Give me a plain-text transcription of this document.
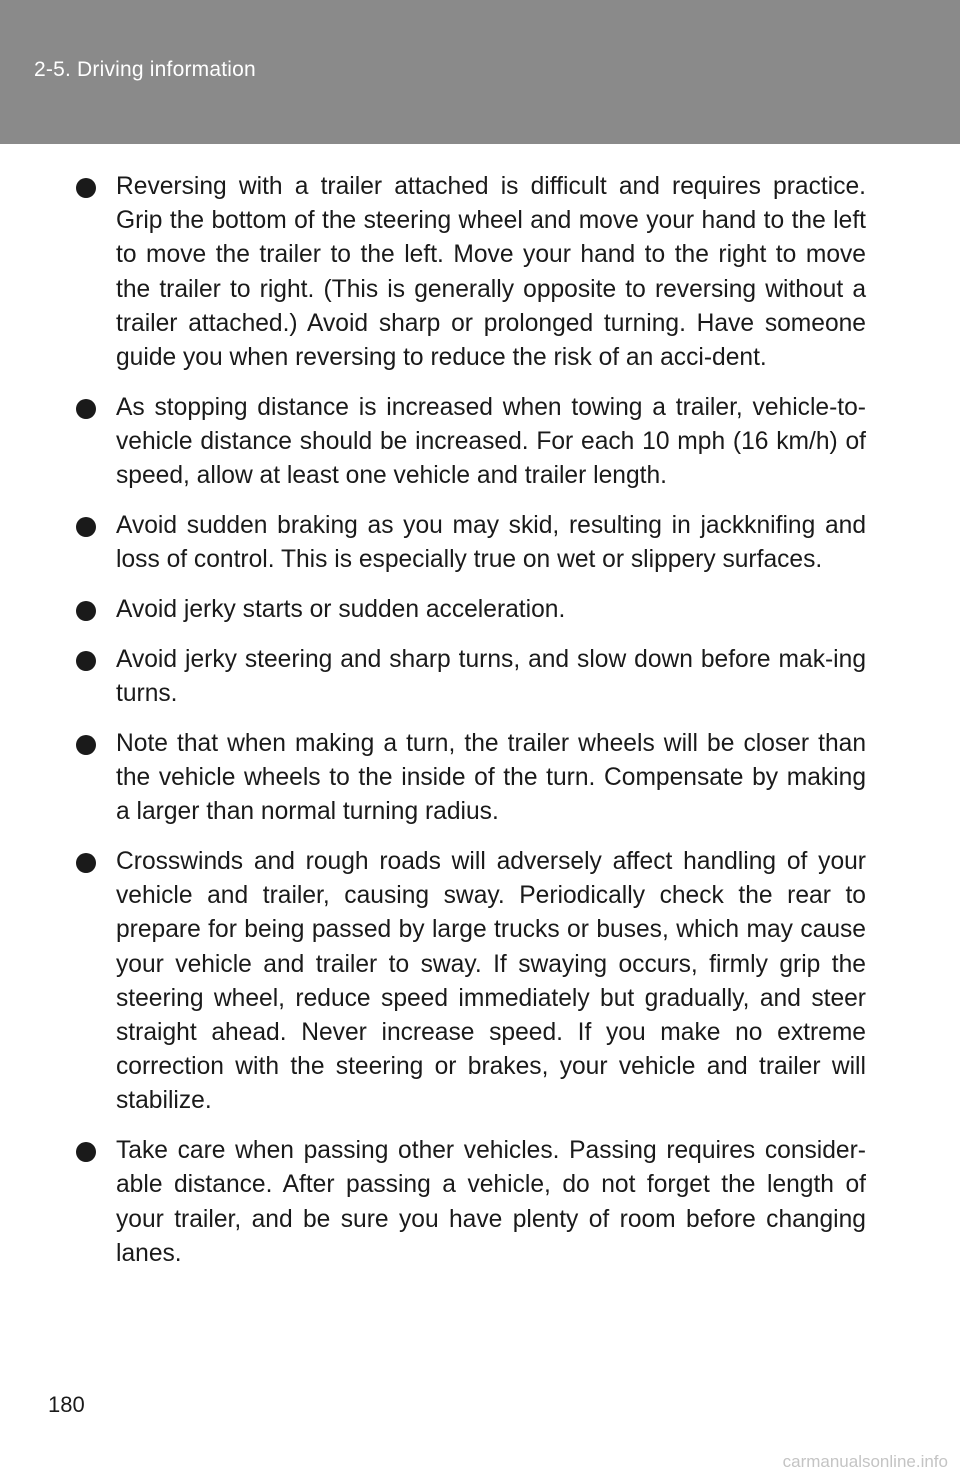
2-5. Driving information
Reversing with a trailer attached is difficult and requires practice. Grip the bottom of the steering wheel and move your hand to the left to move the trailer to the left. Move your hand to the right to move the trailer to right. (This is generally opposite to reversing without a trailer attached.) Avoid sharp or prolonged turning. Have someone guide you when reversing to reduce the risk of an acci-dent.
As stopping distance is increased when towing a trailer, vehicle-to-vehicle distance should be increased. For each 10 mph (16 km/h) of speed, allow at least one vehicle and trailer length.
Avoid sudden braking as you may skid, resulting in jackknifing and loss of control. This is especially true on wet or slippery surfaces.
Avoid jerky starts or sudden acceleration.
Avoid jerky steering and sharp turns, and slow down before mak-ing turns.
Note that when making a turn, the trailer wheels will be closer than the vehicle wheels to the inside of the turn. Compensate by making a larger than normal turning radius.
Crosswinds and rough roads will adversely affect handling of your vehicle and trailer, causing sway. Periodically check the rear to prepare for being passed by large trucks or buses, which may cause your vehicle and trailer to sway. If swaying occurs, firmly grip the steering wheel, reduce speed immediately but gradually, and steer straight ahead. Never increase speed. If you make no extreme correction with the steering or brakes, your vehicle and trailer will stabilize.
Take care when passing other vehicles. Passing requires consider-able distance. After passing a vehicle, do not forget the length of your trailer, and be sure you have plenty of room before changing lanes.
180
carmanualsonline.info
